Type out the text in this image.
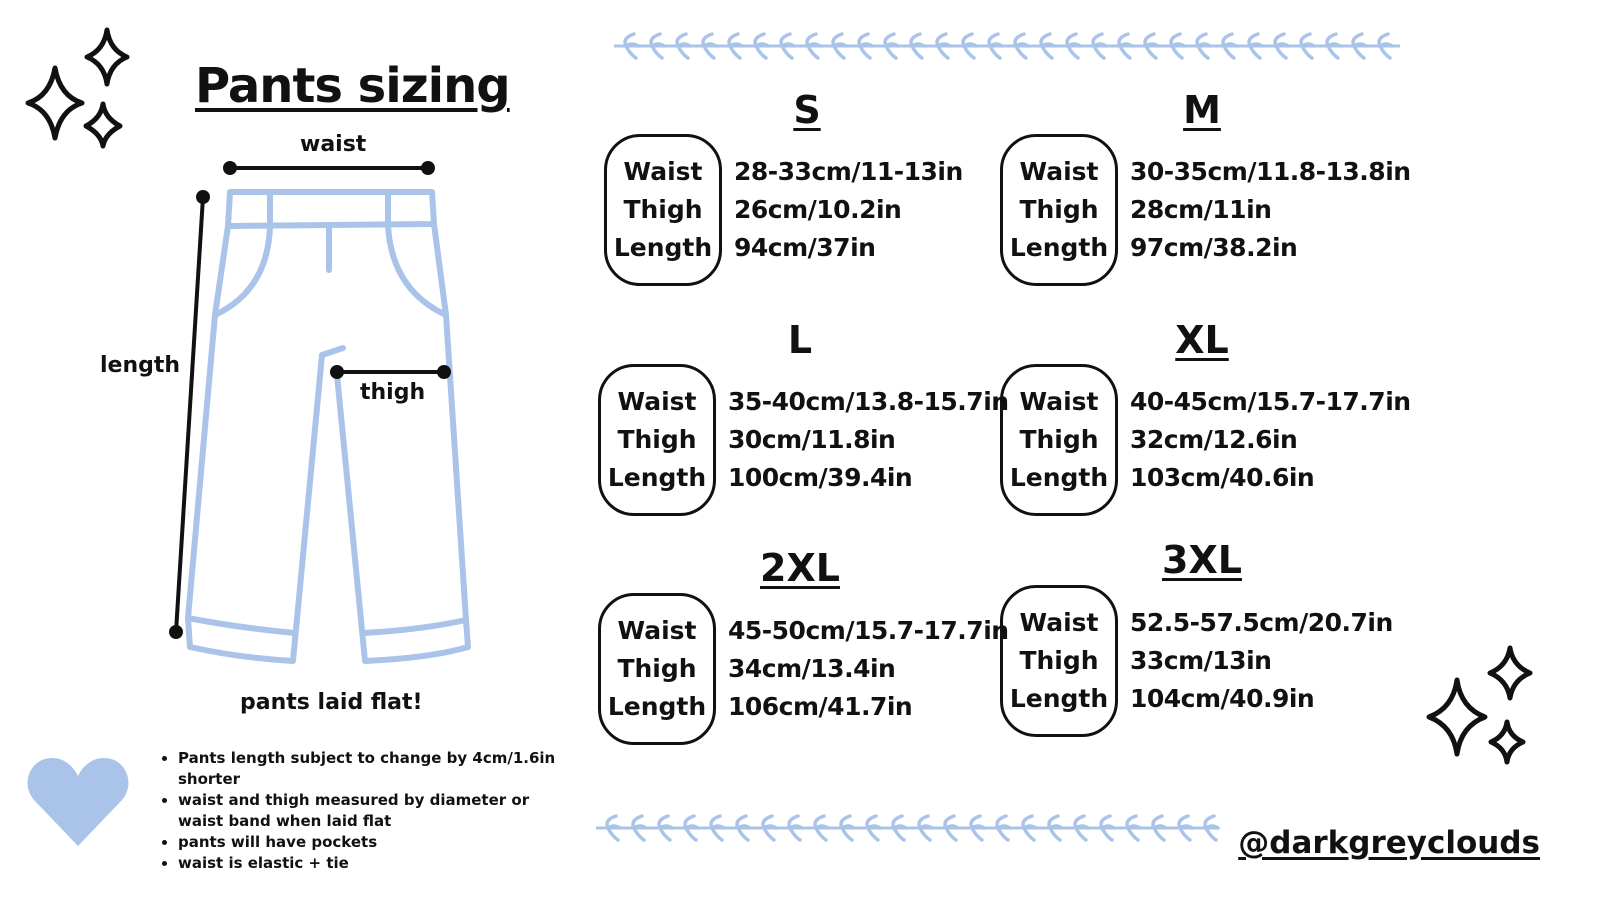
Pants sizing
waist
length
thigh
pants laid flat!
• Pants length subject to change by 4cm/1.6in shorter
• waist and thigh measured by diameter or waist band when laid flat
• pants will have pockets
• waist is elastic + tie
S
Waist
Thigh
Length
28-33cm/11-13in
26cm/10.2in
94cm/37in
M
Waist
Thigh
Length
30-35cm/11.8-13.8in
28cm/11in
97cm/38.2in
L
Waist
Thigh
Length
35-40cm/13.8-15.7in
30cm/11.8in
100cm/39.4in
XL
Waist
Thigh
Length
40-45cm/15.7-17.7in
32cm/12.6in
103cm/40.6in
2XL
Waist
Thigh
Length
45-50cm/15.7-17.7in
34cm/13.4in
106cm/41.7in
3XL
Waist
Thigh
Length
52.5-57.5cm/20.7in
33cm/13in
104cm/40.9in
@darkgreyclouds
